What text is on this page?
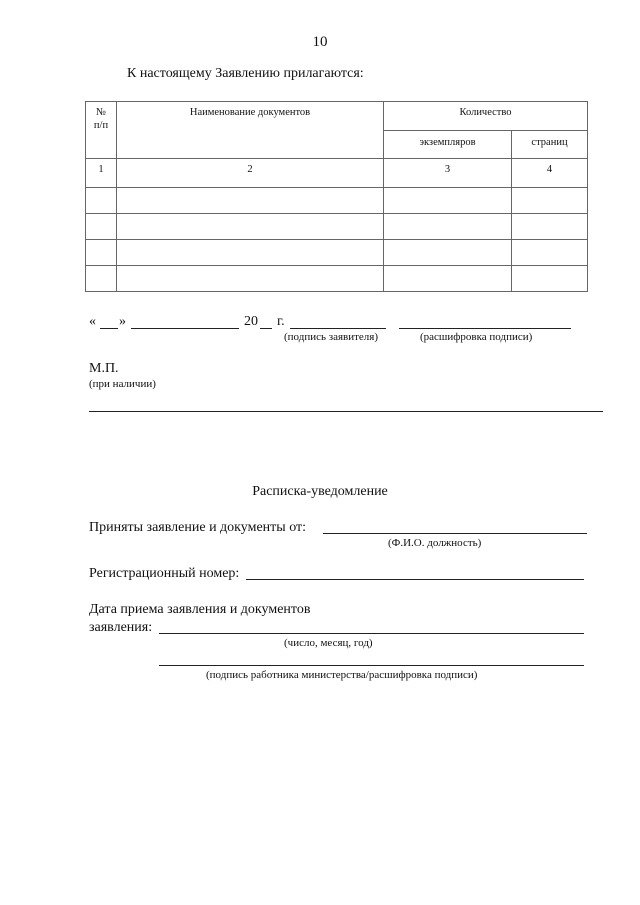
10
К настоящему Заявлению прилагаются:
№
п/п	Наименование документов	Количество	
		экземпляров	страниц
1	2	3	4

« »	20 г.
(подпись заявителя)	(расшифровка подписи)
М.П.
(при наличии)
Расписка-уведомление
Приняты заявление и документы от:
(Ф.И.О. должность)
Регистрационный номер:
Дата приема заявления и документов
заявления:
(число, месяц, год)
(подпись работника министерства/расшифровка подписи)
